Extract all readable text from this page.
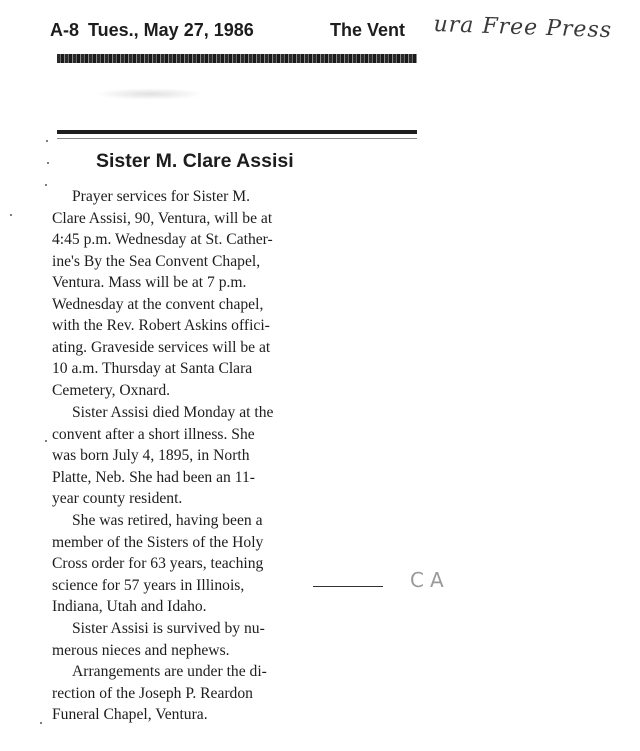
A-8 Tues., May 27, 1986	The Vent ura Free Press
Sister M. Clare Assisi

Prayer services for Sister M.
Clare Assisi, 90, Ventura, will be at
4:45 p.m. Wednesday at St. Cather-
ine's By the Sea Convent Chapel,
Ventura. Mass will be at 7 p.m.
Wednesday at the convent chapel,
with the Rev. Robert Askins offici-
ating. Graveside services will be at
10 a.m. Thursday at Santa Clara
Cemetery, Oxnard.

Sister Assisi died Monday at the
convent after a short illness. She
was born July 4, 1895, in North
Platte, Neb. She had been an 11-
year county resident.

She was retired, having been a
member of the Sisters of the Holy
Cross order for 63 years, teaching
science for 57 years in Illinois,
Indiana, Utah and Idaho.

Sister Assisi is survived by nu-
merous nieces and nephews.

Arrangements are under the di-
rection of the Joseph P. Reardon
Funeral Chapel, Ventura.

CA
